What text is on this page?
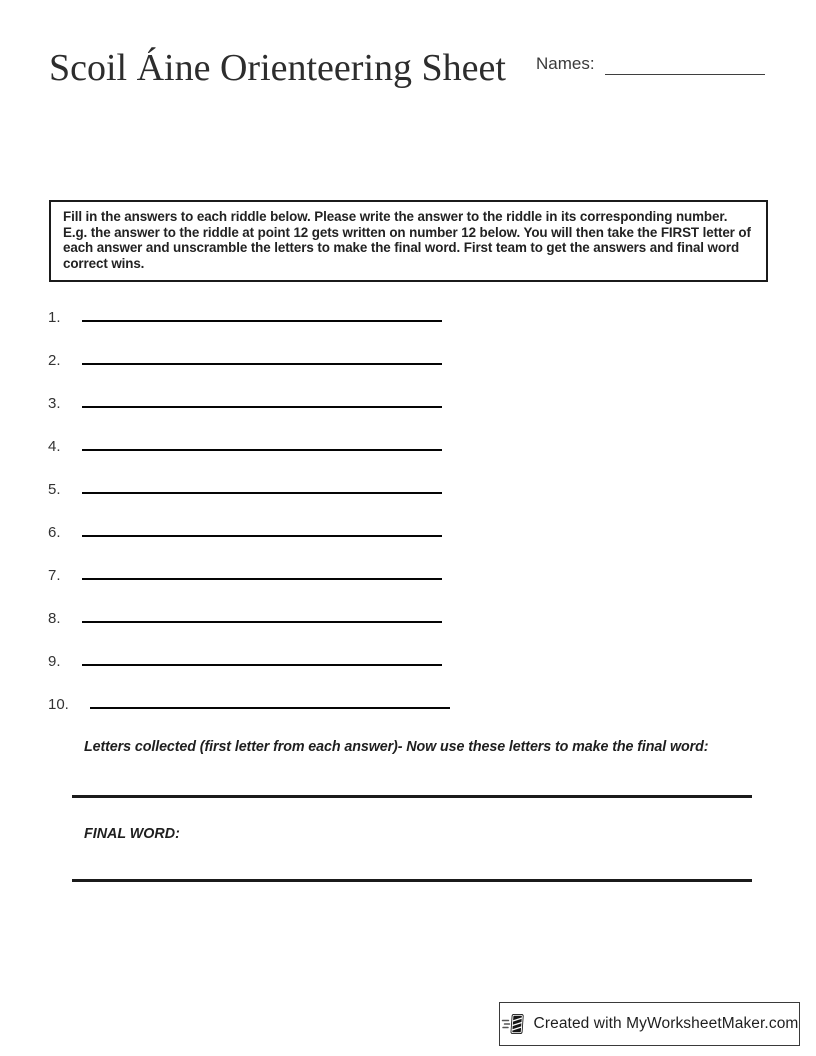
Scoil Áine Orienteering Sheet	Names:
Fill in the answers to each riddle below. Please write the answer to the riddle in its corresponding number. E.g. the answer to the riddle at point 12 gets written on number 12 below. You will then take the FIRST letter of each answer and unscramble the letters to make the final word. First team to get the answers and final word correct wins.
1.
2.
3.
4.
5.
6.
7.
8.
9.
10.
Letters collected (first letter from each answer)- Now use these letters to make the final word:
FINAL WORD:
Created with MyWorksheetMaker.com
